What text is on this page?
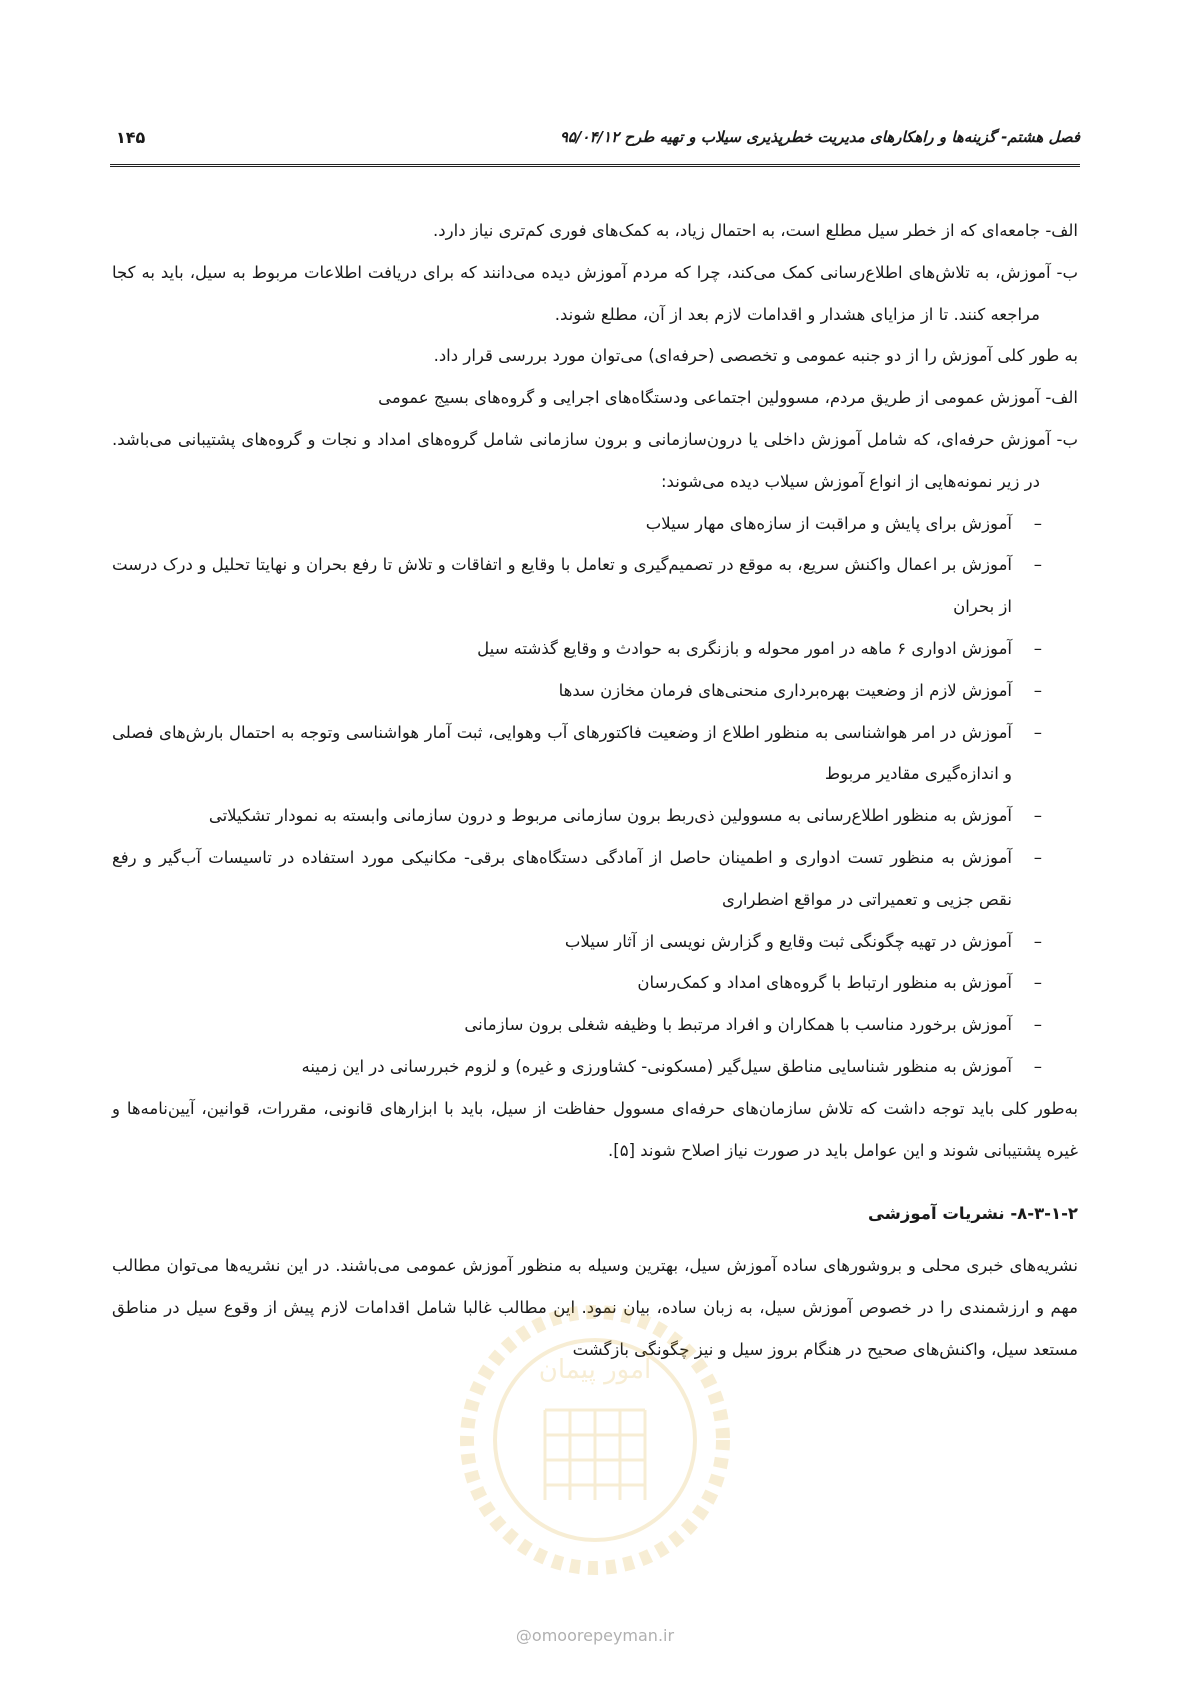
فصل هشتم- گزینه‌ها و راهکارهای مدیریت خطرپذیری سیلاب و تهیه طرح ۹۵/۰۴/۱۲
۱۴۵

الف- جامعه‌ای که از خطر سیل مطلع است، به احتمال زیاد، به کمک‌های فوری کم‌تری نیاز دارد.

ب- آموزش، به تلاش‌های اطلاع‌رسانی کمک می‌کند، چرا که مردم آموزش دیده می‌دانند که برای دریافت اطلاعات مربوط به سیل، باید به کجا مراجعه کنند. تا از مزایای هشدار و اقدامات لازم بعد از آن، مطلع شوند.

به طور کلی آموزش را از دو جنبه عمومی و تخصصی (حرفه‌ای) می‌توان مورد بررسی قرار داد.

الف- آموزش عمومی از طریق مردم، مسوولین اجتماعی ودستگاه‌های اجرایی و گروه‌های بسیج عمومی

ب- آموزش حرفه‌ای، که شامل آموزش داخلی یا درون‌سازمانی و برون سازمانی شامل گروه‌های امداد و نجات و گروه‌های پشتیبانی می‌باشد. در زیر نمونه‌هایی از انواع آموزش سیلاب دیده می‌شوند:

–
آموزش برای پایش و مراقبت از سازه‌های مهار سیلاب

–
آموزش بر اعمال واکنش سریع، به موقع در تصمیم‌گیری و تعامل با وقایع و اتفاقات و تلاش تا رفع بحران و نهایتا تحلیل و درک درست از بحران

–
آموزش ادواری ۶ ماهه در امور محوله و بازنگری به حوادث و وقایع گذشته سیل

–
آموزش لازم از وضعیت بهره‌برداری منحنی‌های فرمان مخازن سدها

–
آموزش در امر هواشناسی به منظور اطلاع از وضعیت فاکتورهای آب وهوایی، ثبت آمار هواشناسی وتوجه به احتمال بارش‌های فصلی و اندازه‌گیری مقادیر مربوط

–
آموزش به منظور اطلاع‌رسانی به مسوولین ذی‌ربط برون سازمانی مربوط و درون سازمانی وابسته به نمودار تشکیلاتی

–
آموزش به منظور تست ادواری و اطمینان حاصل از آمادگی دستگاه‌های برقی- مکانیکی مورد استفاده در تاسیسات آب‌گیر و رفع نقص جزیی و تعمیراتی در مواقع اضطراری

–
آموزش در تهیه چگونگی ثبت وقایع و گزارش نویسی از آثار سیلاب

–
آموزش به منظور ارتباط با گروه‌های امداد و کمک‌رسان

–
آموزش برخورد مناسب با همکاران و افراد مرتبط با وظیفه شغلی برون سازمانی

–
آموزش به منظور شناسایی مناطق سیل‌گیر (مسکونی- کشاورزی و غیره) و لزوم خبررسانی در این زمینه

به‌طور کلی باید توجه داشت که تلاش سازمان‌های حرفه‌ای مسوول حفاظت از سیل، باید با ابزارهای قانونی، مقررات، قوانین، آیین‌نامه‌ها و غیره پشتیبانی شوند و این عوامل باید در صورت نیاز اصلاح شوند [۵].

۸-۳-۱-۲- نشریات آموزشی

نشریه‌های خبری محلی و بروشورهای ساده آموزش سیل، بهترین وسیله به منظور آموزش عمومی می‌باشند. در این نشریه‌ها می‌توان مطالب مهم و ارزشمندی را در خصوص آموزش سیل، به زبان ساده، بیان نمود. این مطالب غالبا شامل اقدامات لازم پیش از وقوع سیل در مناطق مستعد سیل، واکنش‌های صحیح در هنگام بروز سیل و نیز چگونگی بازگشت

امور پیمان
@omoorepeyman.ir
